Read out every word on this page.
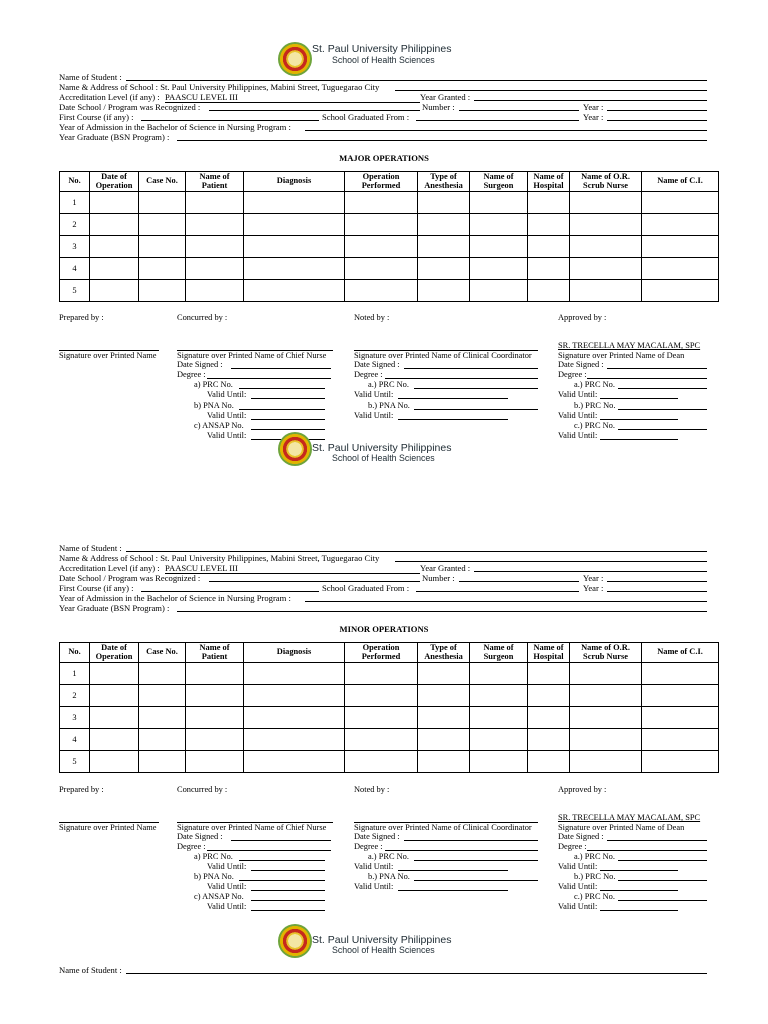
St. Paul University Philippines
School of Health Sciences
Name of Student :
Name & Address of School : St. Paul University Philippines, Mabini Street, Tuguegarao City
Accreditation Level (if any) : PAASCU LEVEL III	Year Granted :
Date School / Program was Recognized :	Number :	Year :
First Course (if any) :	School Graduated From :	Year :
Year of Admission in the Bachelor of Science in Nursing Program :
Year Graduate (BSN Program) :
MAJOR OPERATIONS
No.	Date of Operation	Case No.	Name of Patient	Diagnosis	Operation Performed	Type of Anesthesia	Name of Surgeon	Name of Hospital	Name of O.R. Scrub Nurse	Name of C.I.
1										
2										
3										
4										
5										
Prepared by :	Concurred by :	Noted by :	Approved by :
SR. TRECELLA MAY MACALAM, SPC
Signature over Printed Name	Signature over Printed Name of Chief Nurse	Signature over Printed Name of Clinical Coordinator	Signature over Printed Name of Dean
Date Signed :
Degree :
a) PRC No.
Valid Until:
b) PNA No.
Valid Until:
c) ANSAP No.
Valid Until:
Date Signed :
Degree :
a.) PRC No.
Valid Until:
b.) PNA No.
Valid Until:
Date Signed :
Degree :
a.) PRC No.
Valid Until:
b.) PRC No.
Valid Until:
c.) PRC No.
Valid Until:
St. Paul University Philippines
School of Health Sciences
Name of Student :
Name & Address of School : St. Paul University Philippines, Mabini Street, Tuguegarao City
Accreditation Level (if any) : PAASCU LEVEL III	Year Granted :
Date School / Program was Recognized :	Number :	Year :
First Course (if any) :	School Graduated From :	Year :
Year of Admission in the Bachelor of Science in Nursing Program :
Year Graduate (BSN Program) :
MINOR OPERATIONS
No.	Date of Operation	Case No.	Name of Patient	Diagnosis	Operation Performed	Type of Anesthesia	Name of Surgeon	Name of Hospital	Name of O.R. Scrub Nurse	Name of C.I.
1										
2										
3										
4										
5										
Prepared by :	Concurred by :	Noted by :	Approved by :
SR. TRECELLA MAY MACALAM, SPC
Signature over Printed Name	Signature over Printed Name of Chief Nurse	Signature over Printed Name of Clinical Coordinator	Signature over Printed Name of Dean
Date Signed :
Degree :
a) PRC No.
Valid Until:
b) PNA No.
Valid Until:
c) ANSAP No.
Valid Until:
Date Signed :
Degree :
a.) PRC No.
Valid Until:
b.) PNA No.
Valid Until:
Date Signed :
Degree :
a.) PRC No.
Valid Until:
b.) PRC No.
Valid Until:
c.) PRC No.
Valid Until:
St. Paul University Philippines
School of Health Sciences
Name of Student :
